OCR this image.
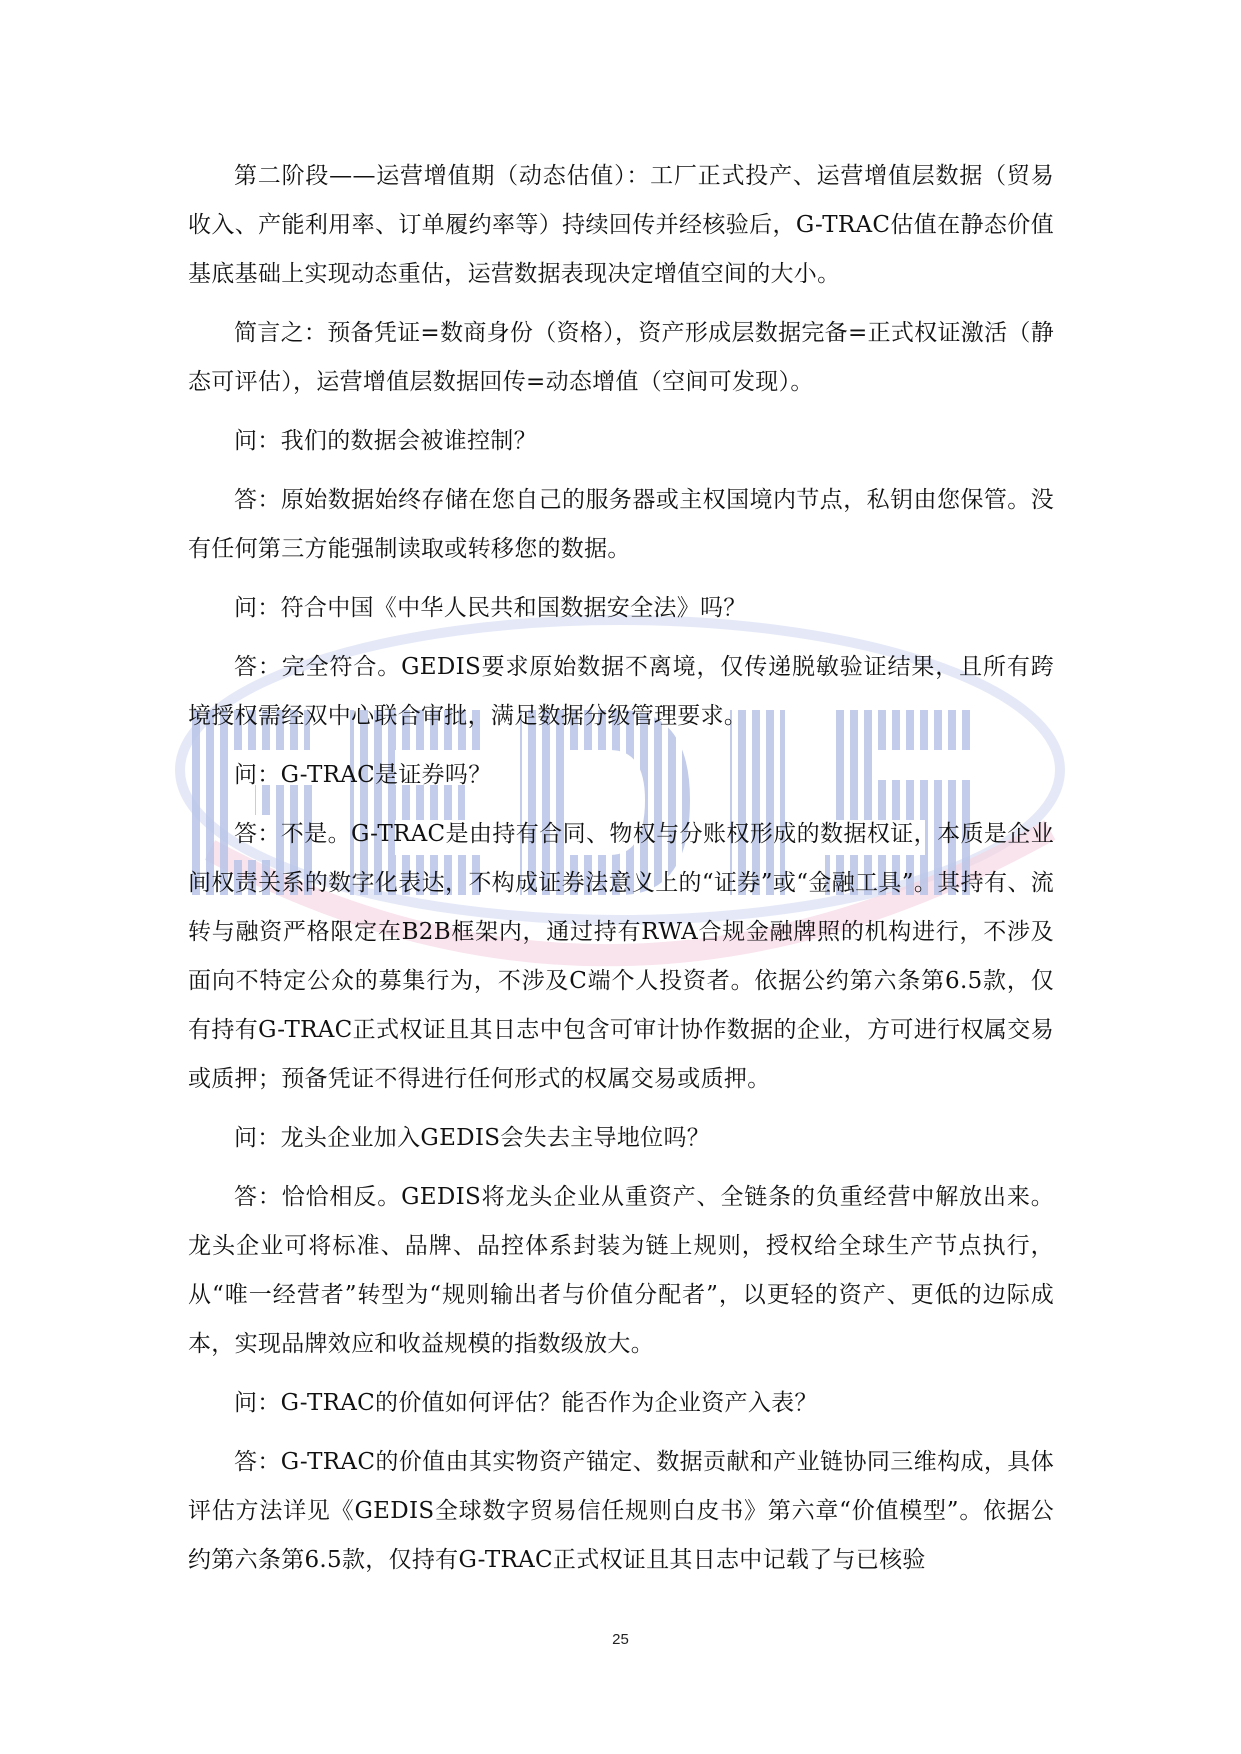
第二阶段——运营增值期（动态估值）：工厂正式投产、运营增值层数据（贸易收入、产能利用率、订单履约率等）持续回传并经核验后，G-TRAC估值在静态价值基底基础上实现动态重估，运营数据表现决定增值空间的大小。

简言之：预备凭证=数商身份（资格），资产形成层数据完备=正式权证激活（静态可评估），运营增值层数据回传=动态增值（空间可发现）。

问：我们的数据会被谁控制？

答：原始数据始终存储在您自己的服务器或主权国境内节点，私钥由您保管。没有任何第三方能强制读取或转移您的数据。

问：符合中国《中华人民共和国数据安全法》吗？

答：完全符合。GEDIS要求原始数据不离境，仅传递脱敏验证结果，且所有跨境授权需经双中心联合审批，满足数据分级管理要求。

问：G-TRAC是证券吗？

答：不是。G-TRAC是由持有合同、物权与分账权形成的数据权证，本质是企业间权责关系的数字化表达，不构成证券法意义上的“证券”或“金融工具”。其持有、流转与融资严格限定在B2B框架内，通过持有RWA合规金融牌照的机构进行，不涉及面向不特定公众的募集行为，不涉及C端个人投资者。依据公约第六条第6.5款，仅有持有G-TRAC正式权证且其日志中包含可审计协作数据的企业，方可进行权属交易或质押；预备凭证不得进行任何形式的权属交易或质押。

问：龙头企业加入GEDIS会失去主导地位吗？

答：恰恰相反。GEDIS将龙头企业从重资产、全链条的负重经营中解放出来。龙头企业可将标准、品牌、品控体系封装为链上规则，授权给全球生产节点执行，从“唯一经营者”转型为“规则输出者与价值分配者”，以更轻的资产、更低的边际成本，实现品牌效应和收益规模的指数级放大。

问：G-TRAC的价值如何评估？能否作为企业资产入表？

答：G-TRAC的价值由其实物资产锚定、数据贡献和产业链协同三维构成，具体评估方法详见《GEDIS全球数字贸易信任规则白皮书》第六章“价值模型”。依据公约第六条第6.5款，仅持有G-TRAC正式权证且其日志中记载了与已核验

25
